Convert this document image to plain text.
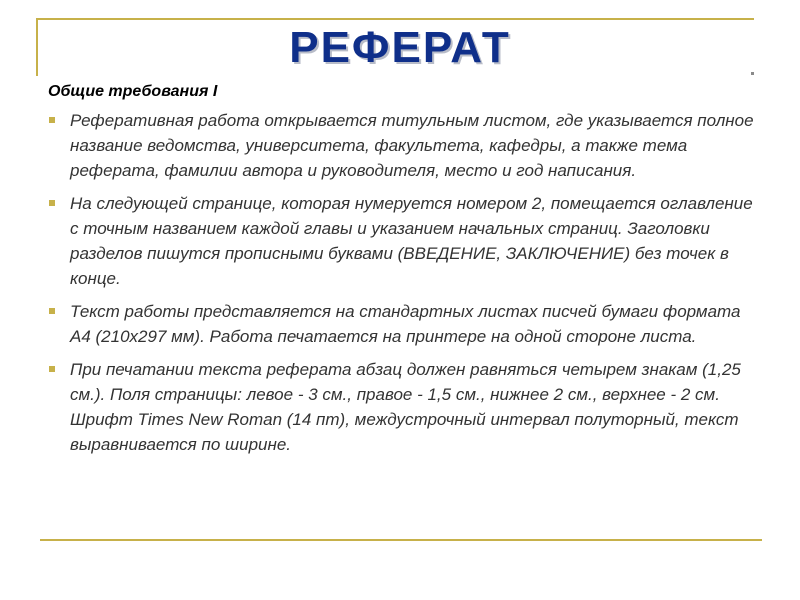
РЕФЕРАТ
Общие требования I
Реферативная работа открывается титульным листом, где указывается полное название ведомства, университета, факультета, кафедры, а также тема реферата, фамилии автора и руководителя, место и год написания.
На следующей странице, которая нумеруется номером 2, помещается оглавление с точным названием каждой главы и указанием начальных страниц. Заголовки разделов пишутся прописными буквами (ВВЕДЕНИЕ, ЗАКЛЮЧЕНИЕ) без точек в конце.
Текст работы представляется на стандартных листах писчей бумаги формата А4 (210х297 мм). Работа печатается на принтере на одной стороне листа.
При печатании текста реферата абзац должен равняться четырем знакам (1,25 см.). Поля страницы: левое - 3 см., правое - 1,5 см., нижнее 2 см., верхнее - 2 см. Шрифт Times New Roman (14 пт), междустрочный интервал полуторный, текст выравнивается по ширине.
